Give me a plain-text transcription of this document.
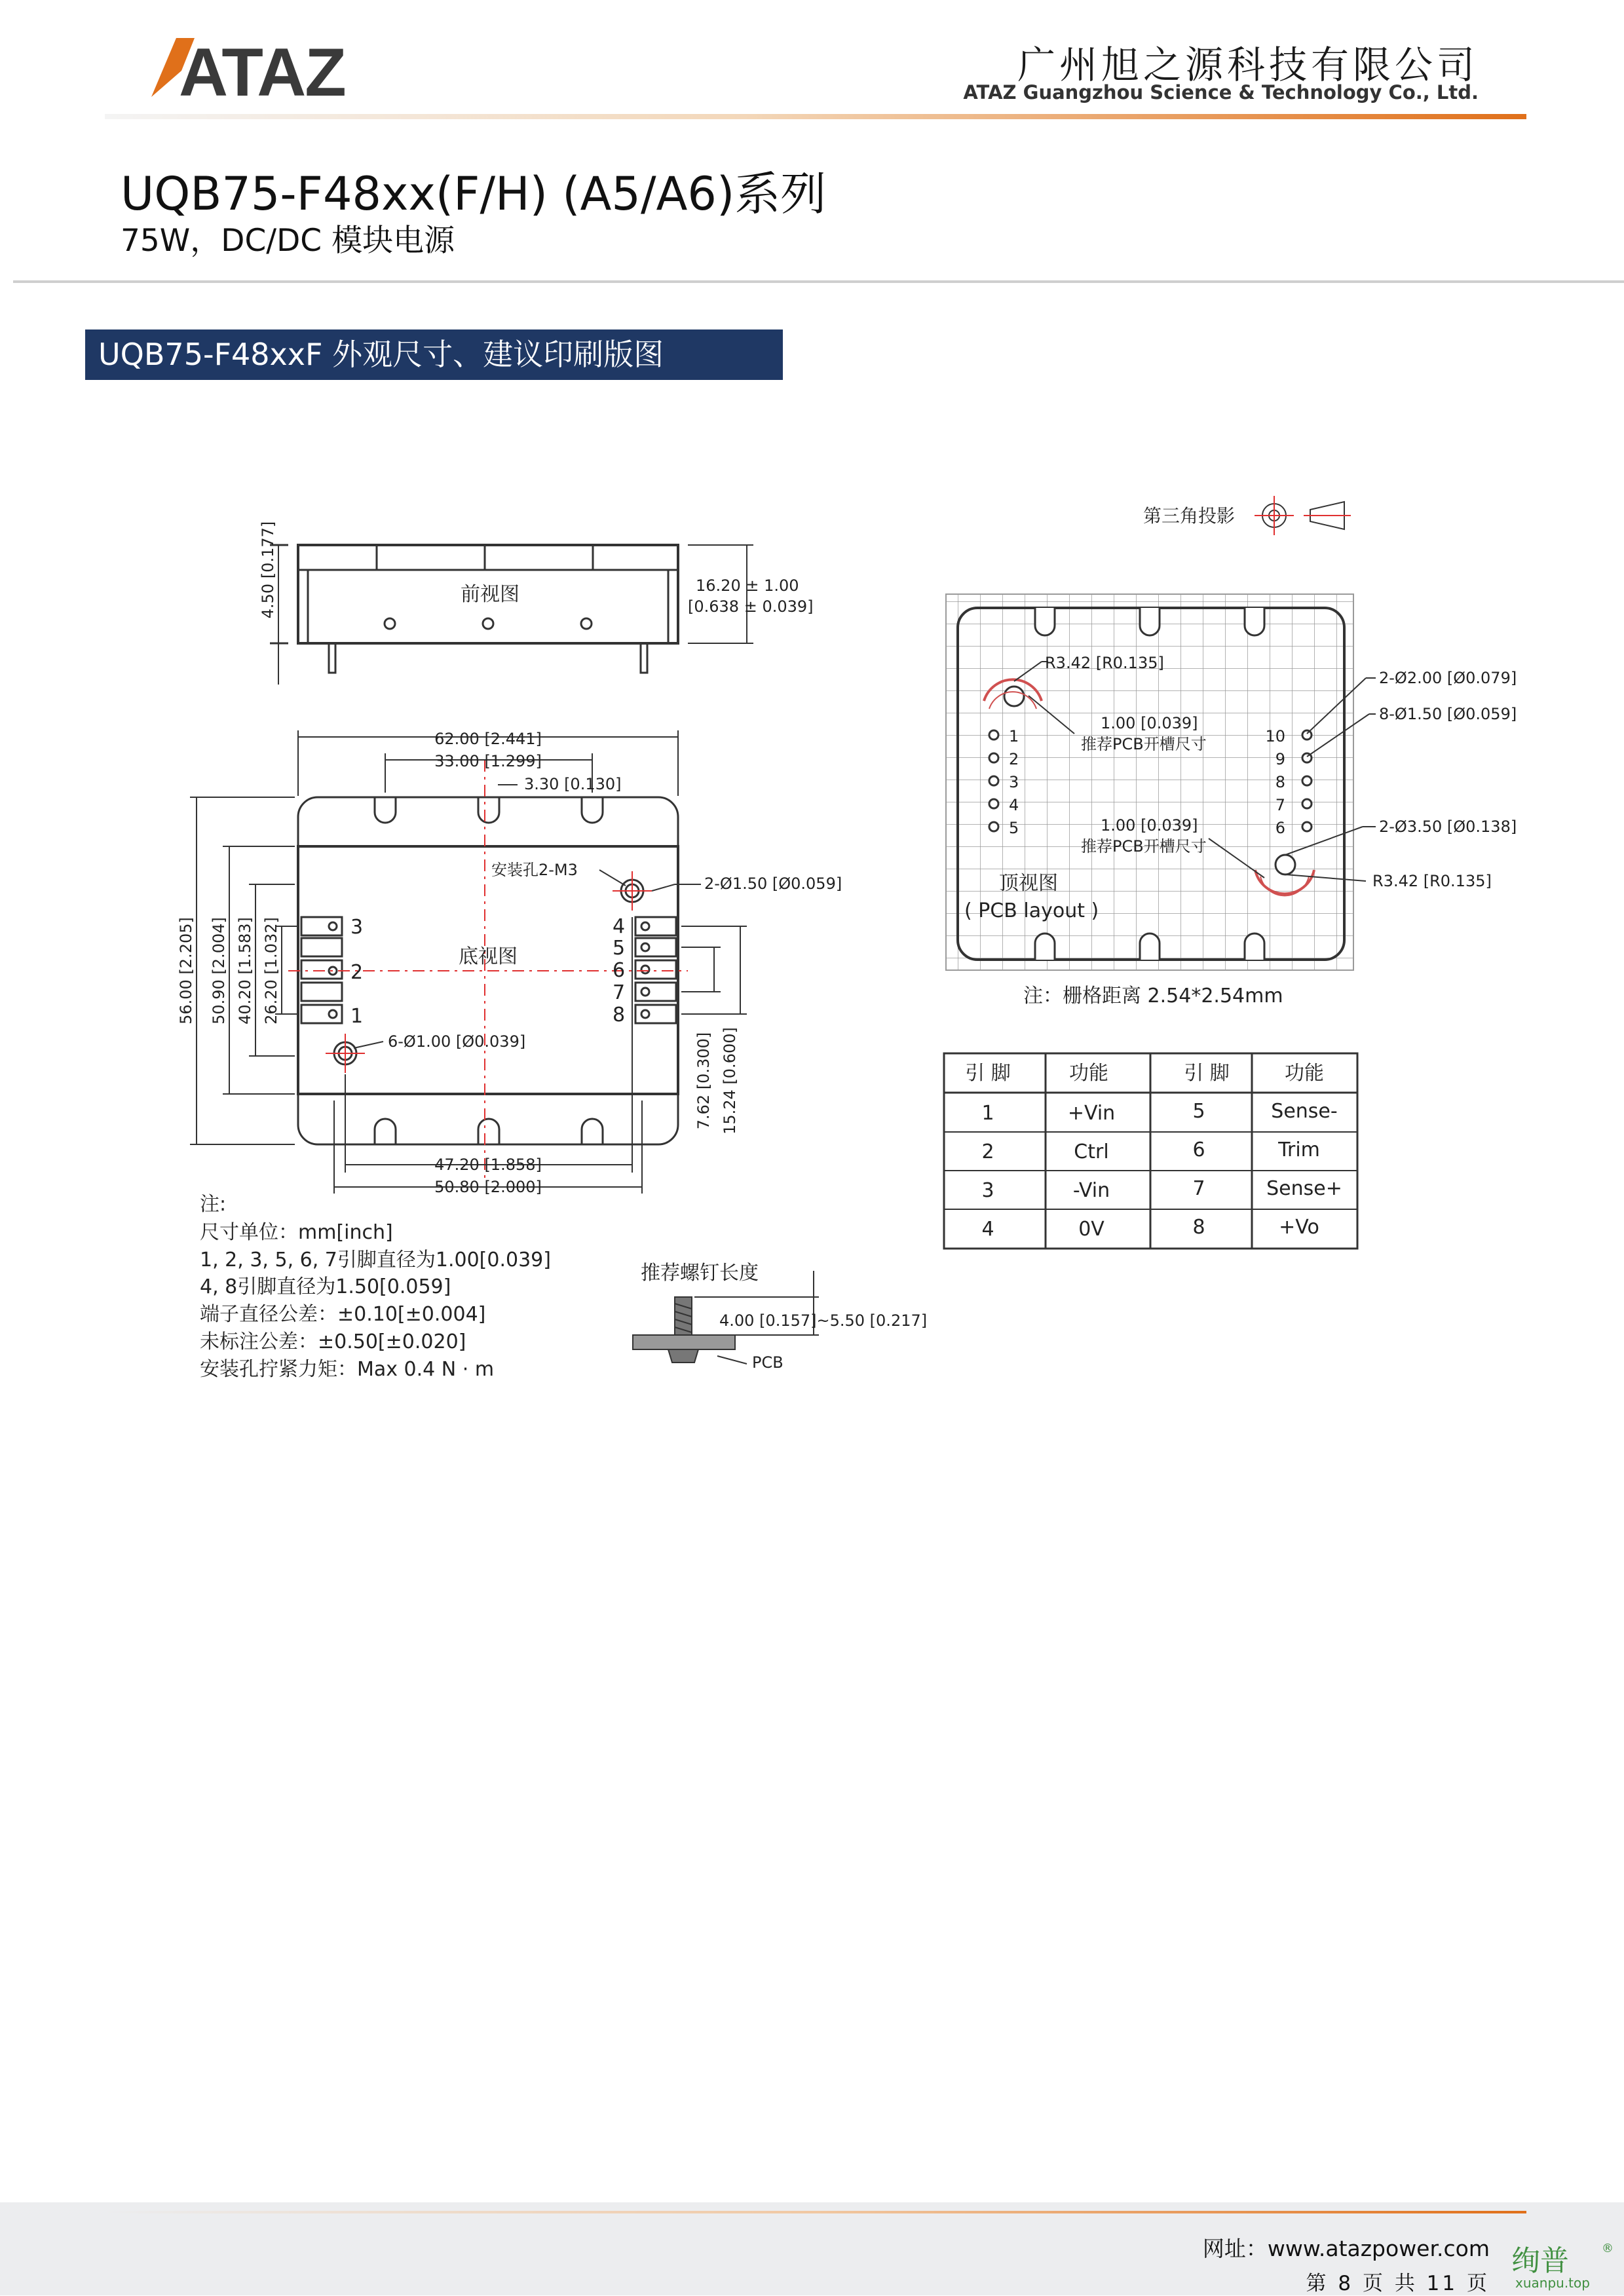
ATAZ	广州旭之源科技有限公司
ATAZ Guangzhou Science & Technology Co., Ltd.
UQB75-F48xx(F/H) (A5/A6)系列
75W，DC/DC 模块电源
UQB75-F48xxF 外观尺寸、建议印刷版图
前视图
4.50 [0.177]	16.20 ± 1.00
[0.638 ± 0.039]
62.00 [2.441]
33.00 [1.299]
3.30 [0.130]
56.00 [2.205] 50.90 [2.004] 40.20 [1.583] 26.20 [1.032]	底视图
安装孔2-M3
2-Ø1.50 [Ø0.059]
6-Ø1.00 [Ø0.039]
47.20 [1.858]
50.80 [2.000]
7.62 [0.300] 15.24 [0.600]
3
2
1
4
5
6
7
8
第三角投影
R3.42 [R0.135]
1.00 [0.039]
推荐PCB开槽尺寸
1.00 [0.039]
推荐PCB开槽尺寸
2-Ø2.00 [Ø0.079]
8-Ø1.50 [Ø0.059]
2-Ø3.50 [Ø0.138]
R3.42 [R0.135]
顶视图
( PCB layout )
1
2
3
4
5
10
9
8
7
6
注：栅格距离 2.54*2.54mm
引 脚	功能	引 脚	功能
1	+Vin	5	Sense-
2	Ctrl	6	Trim
3	-Vin	7	Sense+
4	0V	8	+Vo
注:
尺寸单位：mm[inch]
1, 2, 3, 5, 6, 7引脚直径为1.00[0.039]
4, 8引脚直径为1.50[0.059]
端子直径公差：±0.10[±0.004]
未标注公差：±0.50[±0.020]
安装孔拧紧力矩：Max 0.4 N · m
推荐螺钉长度
4.00 [0.157]~5.50 [0.217]
PCB
网址：www.atazpower.com
第 8 页 共 11 页
绚普	®
xuanpu.top
